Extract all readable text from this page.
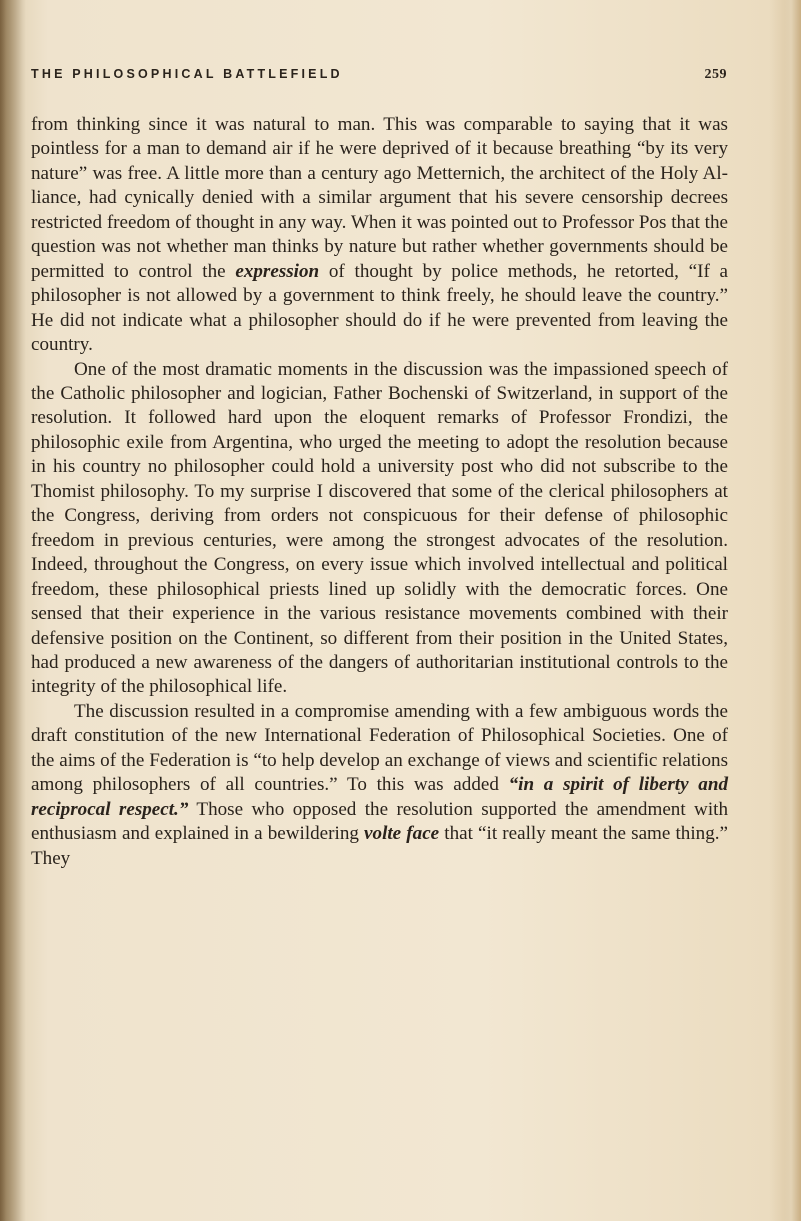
THE PHILOSOPHICAL BATTLEFIELD	259

from thinking since it was natural to man. This was comparable to saying that it was pointless for a man to demand air if he were deprived of it because breathing “by its very nature” was free. A little more than a century ago Metternich, the architect of the Holy Alliance, had cynically denied with a similar argument that his severe censorship decrees restricted freedom of thought in any way. When it was pointed out to Professor Pos that the question was not whether man thinks by nature but rather whether governments should be permitted to control the expression of thought by police methods, he retorted, “If a philosopher is not allowed by a government to think freely, he should leave the country.” He did not indicate what a philosopher should do if he were prevented from leaving the country.

One of the most dramatic moments in the discussion was the impassioned speech of the Catholic philosopher and logician, Father Bochenski of Switzerland, in support of the resolution. It followed hard upon the eloquent remarks of Professor Frondizi, the philosophic exile from Argentina, who urged the meeting to adopt the resolution because in his country no philosopher could hold a university post who did not subscribe to the Thomist philosophy. To my surprise I discovered that some of the clerical philosophers at the Congress, deriving from orders not conspicuous for their defense of philosophic freedom in previous centuries, were among the strongest advocates of the resolution. Indeed, throughout the Congress, on every issue which involved intellectual and political freedom, these philosophical priests lined up solidly with the democratic forces. One sensed that their experience in the various resistance movements combined with their defensive position on the Continent, so different from their position in the United States, had produced a new awareness of the dangers of authoritarian institutional controls to the integrity of the philosophical life.

The discussion resulted in a compromise amending with a few ambiguous words the draft constitution of the new International Federation of Philosophical Societies. One of the aims of the Federation is “to help develop an exchange of views and scientific relations among philosophers of all countries.” To this was added “in a spirit of liberty and reciprocal respect.” Those who opposed the resolution supported the amendment with enthusiasm and explained in a bewildering volte face that “it really meant the same thing.” They
